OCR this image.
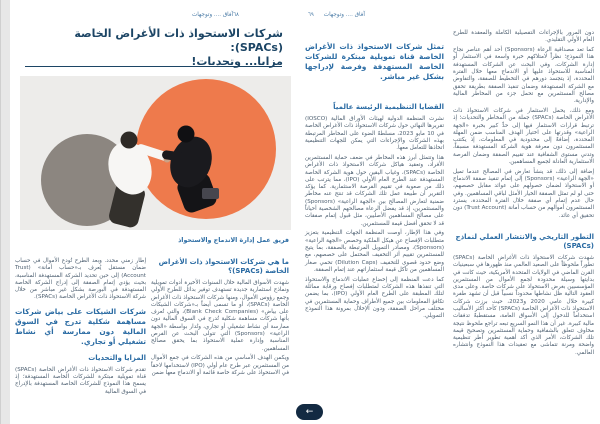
آفاق .... وتوجهات ٦٨
شركات الاستحواذ ذات الأغراض الخاصة (SPACs):
مزايا... وتحديات!
فريق عمل إدارة الاندماج والاستحواذ
ما هي شركات الاستحواذ ذات الأغراض الخاصة (SPACs)؟

شهدت الأسواق المالية خلال السنوات الأخيرة أدوات تمويلية ونماذج استثمارية جديدة تستهدف توفير بدائل للطرح الأولي وجمع رؤوس الأموال، ومنها شركات الاستحواذ ذات الأغراض الخاصة (SPACs)، أو ما تسمى أيضاً بـ«شركات الشيكات على بياض» (Blank Check Companies)، والتي تُعرف بأنها شركات مساهمة شكلية تُدرج في السوق المالية دون ممارسة أي نشاط تشغيلي أو تجاري، وتُدار بواسطة «الجهة الراعية» (Sponsors) التي تتولى البحث عن الفرص المناسبة وإدارة عملية الاستحواذ بما يحقق مصالح المساهمين.

ويكمن الهدف الأساسي من هذه الشركات في جمع الأموال من المستثمرين عبر طرح عام أولي (IPO) لاستخدامها لاحقاً في الاستحواذ على شركة خاصة قائمة أو الاندماج معها ضمن

إطار زمني محدد. وبعد الطرح تُودع الأموال في حساب ضمان مستقل يُعرف بـ«حساب أمانة» (Trust Account) إلى حين تحديد الشركة المستهدفة المناسبة، بحيث يؤدي إتمام الصفقة إلى إدراج الشركة الخاصة المستهدفة في البورصة بشكل غير مباشر من خلال شركة الاستحواذ ذات الأغراض الخاصة (SPACs).

شركات الشيكات على بياض شركات مساهمة شكلية تدرج في السوق المالية دون ممارسة أي نشاط تشغيلي أو تجاري.
المزايا والتحديات

تقدم شركات الاستحواذ ذات الأغراض الخاصة (SPACs) قناة تمويلية مبتكرة للشركات الخاصة المستهدفة؛ إذ يسمح هذا النموذج للشركات الخاصة المستهدفة بالإدراج في السوق المالية

٦٩ آفاق .... وتوجهات
تمثل شركات الاستحواذ ذات الأغراض الخاصة قناة تمويلية مبتكرة للشركات الخاصة المستهدفة وفرصة لإدراجها بشكل غير مباشر.
القضايا التنظيمية الرئيسة عالمياً

نشرت المنظمة الدولية لهيئات الأوراق المالية (IOSCO) تقريرها النهائي حول شركات الاستحواذ ذات الأغراض الخاصة في 10 مايو 2023، مسلطةً الضوء على المخاطر المرتبطة بهذه الشركات والإجراءات التي يمكن للجهات التنظيمية اتخاذها للتعامل معها.

هذا وتتمثل أبرز هذه المخاطر في ضعف حماية المستثمرين الأفراد، وتعقيد هياكل شركات الاستحواذ ذات الأغراض الخاصة (SPACs)، وغياب اليقين حول هوية الشركة الخاصة المستهدفة عند الطرح العام الأولي (IPO)، مما يترتب على ذلك من صعوبة في تقييم الفرصة الاستثمارية. كما يؤكد التقرير أن طبيعة عمل تلك الشركات قد تنتج عنه مخاطر ضمنية لتعارض المصالح بين «الجهة الراعية» (Sponsors) والمستثمرين، إذ قد يفضل الرعاة مصالحهم الشخصية أحياناً على مصالح المساهمين الأصليين، مثل قبول إتمام صفقات قد لا تحقق أفضل قيمة للمستثمرين.

وفي هذا الإطار، أوصت المنظمة الجهات التنظيمية بتعزيز متطلبات الإفصاح عن هيكل الملكية وحصص «الجهة الراعية» (Sponsors)، ومصادر التمويل المرتبطة بالصفقة، بما يتيح للمستثمرين تقييم أثر التخفيف المحتمل على حصصهم، مع وضع حدود قصوى للتخفيف (Dilution Caps) تحمي صغار المساهمين من تآكل قيمة استثماراتهم عند إتمام الصفقة.

كما دعت المنظمة إلى إخضاع عمليات الاندماج والاستحواذ التي تنفذها هذه الشركات لمتطلبات إفصاح ورقابة مماثلة لتلك المطبقة على الطرح العام الأولي (IPO)، بما يضمن تكافؤ المعلومات بين جميع الأطراف وحماية المستثمرين في مختلف مراحل الصفقة، ودون الإخلال بمرونة هذا النموذج التمويلي.

دون المرور بالإجراءات التفصيلية الكاملة والمعقدة للطرح العام الأولي التقليدي.

كما تعد مصداقية الرعاة (Sponsors) أحد أهم عناصر نجاح هذا النموذج؛ نظراً لامتلاكهم خبرة واسعة في الاستثمار أو إدارة الشركات، وفي البحث عن الشركات المستهدفة المناسبة للاستحواذ عليها أو الاندماج معها خلال الفترة المحددة، إذ يتجسد دورهم في التخطيط للصفقة، والتفاوض مع الشركة المستهدفة وضمان تنفيذ الصفقة بطريقة تحقق مصالح المستثمرين مع تحمل جزء من المخاطر المالية والإدارية.

ومع ذلك، يحمل الاستثمار في شركات الاستحواذ ذات الأغراض الخاصة (SPACs) جملة من المخاطر والتحديات؛ إذ ترتبط قرارات الاستثمار فيها إلى حدٍّ كبير بخبرة «الجهة الراعية» وقدرتها على اختيار الهدف المناسب ضمن المهلة المحددة، إضافةً إلى محدودية في المعلومات، إذ يكتتب المستثمرون دون معرفة هوية الشركة المستهدفة مسبقاً، وتدني مستوى الشفافية عند تقييم الصفقة وضمان الفرصة الاستثمارية العادلة لجميع المساهمين.

إضافة إلى ذلك، قد ينشأ تعارض في المصالح عندما تميل «الجهة الراعية» (Sponsors) إلى إتمام تنفيذ صفقة الاندماج أو الاستحواذ لضمان حصولهم على عوائد مقابل حصصهم، حتى لو لم تمثل الصفقة الخيار الأمثل لباقي المساهمين. وفي حال عدم إتمام أي صفقة خلال الفترة المحددة، يسترد المستثمرون أموالهم من حساب أمانة (Trust Account) دون تحقيق أي عائد.

التطور التاريخي والانتشار العملي لنماذج (SPACs)

شهدت شركات الاستحواذ ذات الأغراض الخاصة (SPACs) تطوراً ملحوظاً على الصعيد العالمي منذ ظهورها في سبعينيات القرن الماضي في الولايات المتحدة الأمريكية، حيث كانت في بدايتها وسيلة محدودة لجمع الأموال من المستثمرين المؤسسيين بغرض الاستحواذ على شركات خاصة. وعلى مدى العقود التالية ظل نشاطها محدوداً نسبياً قبل أن تشهد طفرة كبيرة خلال عامي 2020 و2023، حيث برزت شركات الاستحواذ ذات الأغراض الخاصة (SPACs) كأحد أكثر الأساليب استخداماً للدخول إلى الأسواق العامة، مستقطبةً تدفقات مالية كبيرة. غير أن هذا النمو السريع تبعه تراجع ملحوظ نتيجة مخاوف تتعلق بالشفافية وحماية المستثمرين وتصحيح قيمة تلك الشركات، الأمر الذي أكد أهمية تطوير أطر تنظيمية واضحة ومرنة تتماشى مع تعقيدات هذا النموذج وانتشاره العالمي.

←
